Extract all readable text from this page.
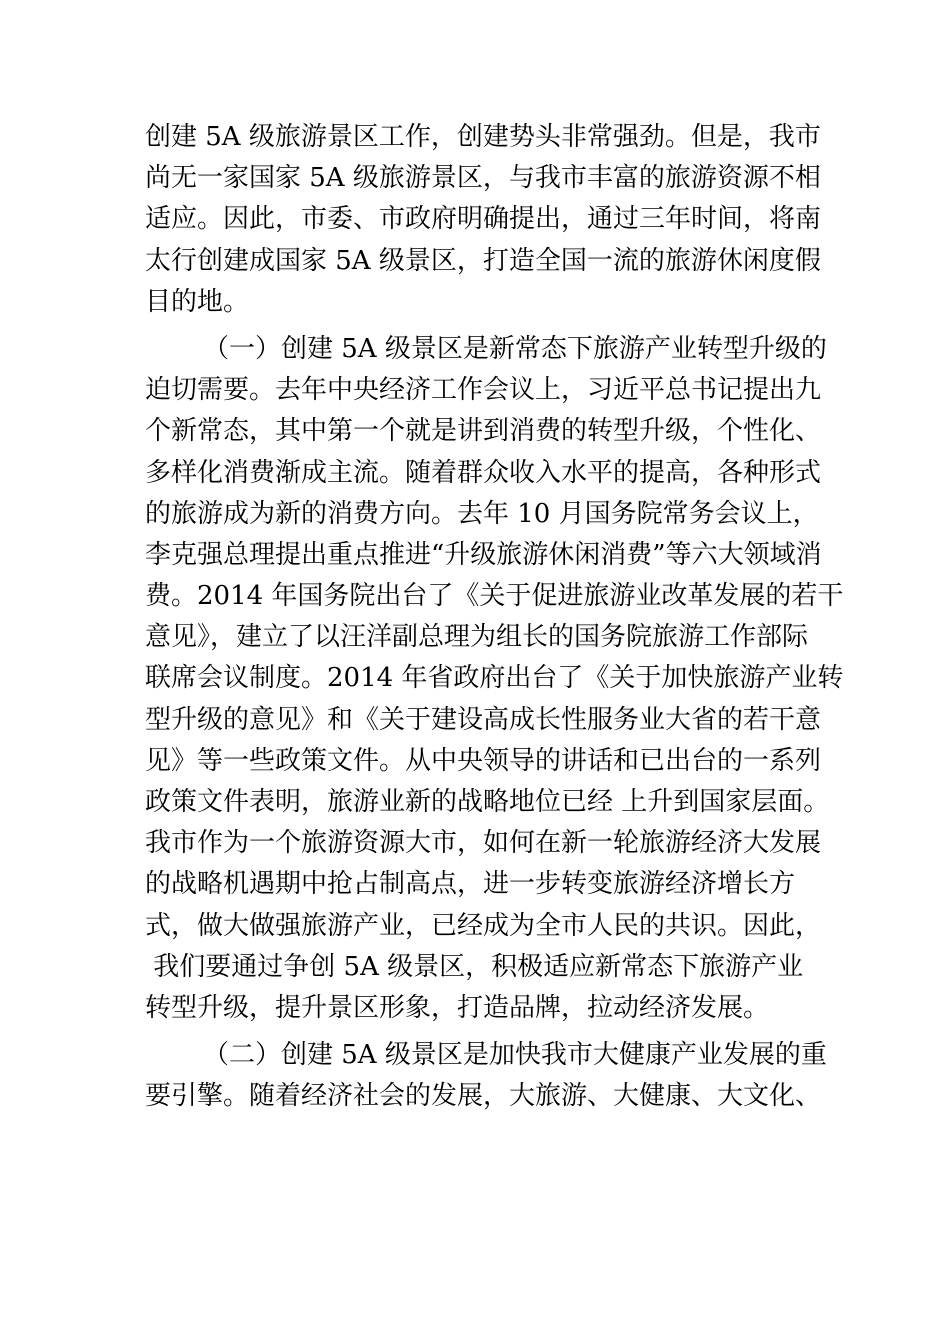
创建 5A 级旅游景区工作，创建势头非常强劲。但是，我市
尚无一家国家 5A 级旅游景区，与我市丰富的旅游资源不相
适应。因此，市委、市政府明确提出，通过三年时间，将南
太行创建成国家 5A 级景区，打造全国一流的旅游休闲度假
目的地。
（一）创建 5A 级景区是新常态下旅游产业转型升级的
迫切需要。去年中央经济工作会议上，习近平总书记提出九
个新常态，其中第一个就是讲到消费的转型升级，个性化、
多样化消费渐成主流。随着群众收入水平的提高，各种形式
的旅游成为新的消费方向。去年 10 月国务院常务会议上，
李克强总理提出重点推进“升级旅游休闲消费”等六大领域消
费。2014 年国务院出台了《关于促进旅游业改革发展的若干
意见》，建立了以汪洋副总理为组长的国务院旅游工作部际
联席会议制度。2014 年省政府出台了《关于加快旅游产业转
型升级的意见》和《关于建设高成长性服务业大省的若干意
见》等一些政策文件。从中央领导的讲话和已出台的一系列
政策文件表明，旅游业新的战略地位已经 上升到国家层面。
我市作为一个旅游资源大市，如何在新一轮旅游经济大发展
的战略机遇期中抢占制高点，进一步转变旅游经济增长方
式，做大做强旅游产业，已经成为全市人民的共识。因此，
我们要通过争创 5A 级景区，积极适应新常态下旅游产业
转型升级，提升景区形象，打造品牌，拉动经济发展。
（二）创建 5A 级景区是加快我市大健康产业发展的重
要引擎。随着经济社会的发展，大旅游、大健康、大文化、
